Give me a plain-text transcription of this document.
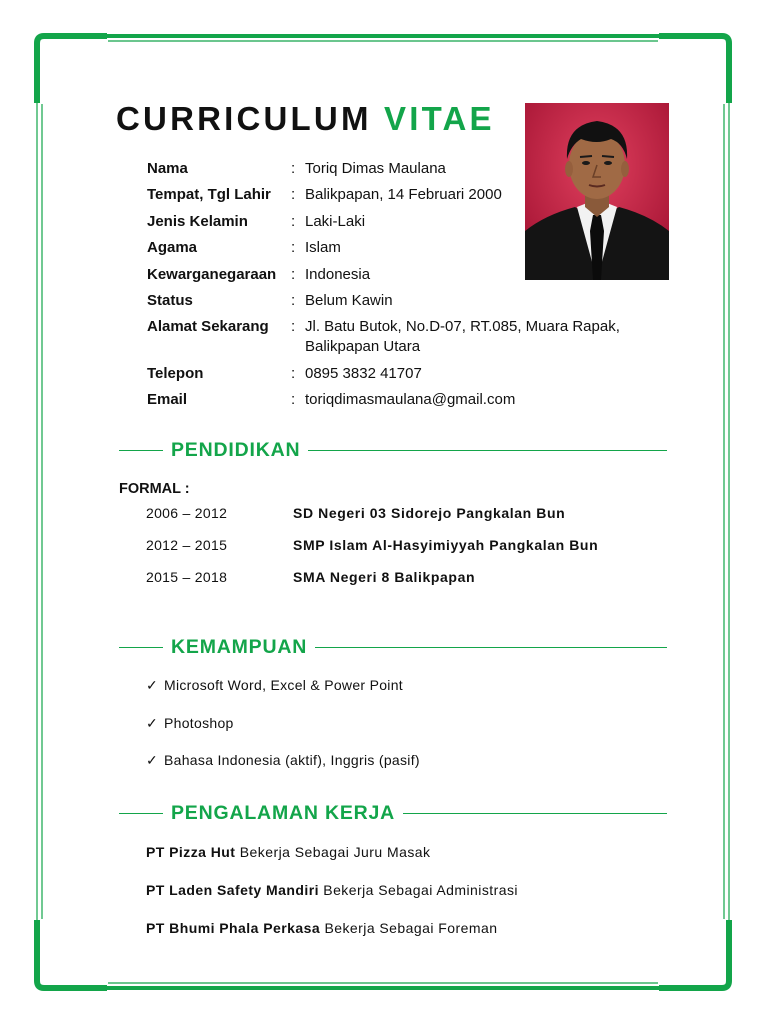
CURRICULUM VITAE
Nama	: Toriq Dimas Maulana
Tempat, Tgl Lahir	: Balikpapan, 14 Februari 2000
Jenis Kelamin	: Laki-Laki
Agama	: Islam
Kewarganegaraan : Indonesia
Status	: Belum Kawin
Alamat Sekarang	: Jl. Batu Butok, No.D-07, RT.085, Muara Rapak, Balikpapan Utara
Telepon	: 0895 3832 41707
Email	: toriqdimasmaulana@gmail.com
PENDIDIKAN
FORMAL :
2006 – 2012	SD Negeri 03 Sidorejo Pangkalan Bun
2012 – 2015	SMP Islam Al-Hasyimiyyah Pangkalan Bun
2015 – 2018	SMA Negeri 8 Balikpapan
KEMAMPUAN
✓ Microsoft Word, Excel & Power Point
✓ Photoshop
✓ Bahasa Indonesia (aktif), Inggris (pasif)
PENGALAMAN KERJA
PT Pizza Hut Bekerja Sebagai Juru Masak
PT Laden Safety Mandiri Bekerja Sebagai Administrasi
PT Bhumi Phala Perkasa Bekerja Sebagai Foreman
